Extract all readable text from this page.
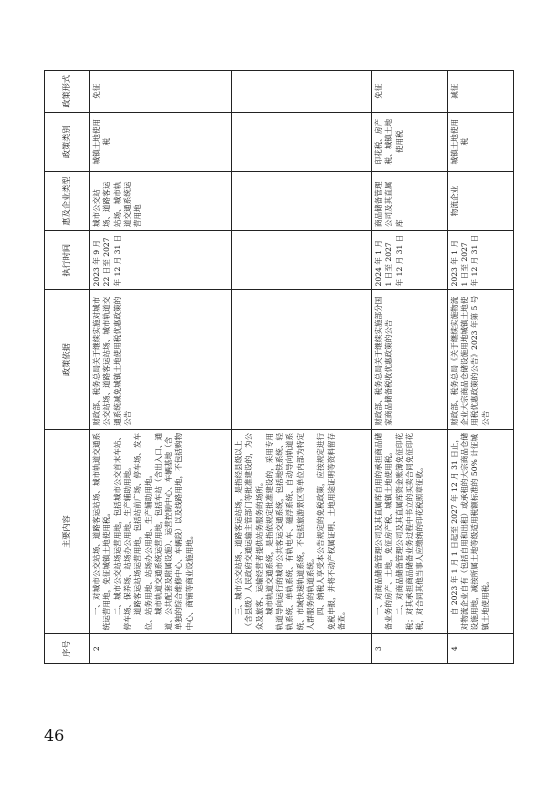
序号	主要内容	政策依据	执行时间	惠及企业类型	政策类别	政策形式
2	一、对城市公交站场、道路客运站场、城市轨道交通系统运营用地，免征城镇土地使用税。 二、城市公交站场运营用地，包括城市公交首末车站、停车场、保养场、站场办公用地、生产辅助用地。 道路客运站场运营用地，包括站前广场、停车场、发车位、站务用地、站场办公用地、生产辅助用地。 城市轨道交通系统运营用地，包括车站（含出入口、通道、公共配套及附属设施）、运营控制中心、车辆基地（含单独的综合维修中心、车辆段）以及线路用地，不包括购物中心、商铺等商业设施用地。	财政部、税务总局关于继续实施对城市公交站场、道路客运站场、城市轨道交通系统减免城镇土地使用税优惠政策的公告	2023 年 9 月 22 日至 2027 年 12 月 31 日	城市公交站场、道路客运站场、城市轨道交通系统运营用地	城镇土地使用税	免征

	三、城市公交站场、道路客运站场，是指经县级以上（含县级）人民政府交通运输主管部门等批准建设的，为公众及旅客、运输经营者提供站务服务的场所。 城市轨道交通系统，是指依规定批准建设的，采用专用轨道导向运行的城市公共客运交通系统，包括地铁系统、轻轨系统、单轨系统、有轨电车、磁浮系统、自动导向轨道系统、市域快速轨道系统，不包括旅游景区等单位内部为特定人群服务的轨道系统。 四、纳税人享受本公告规定的免税政策，应按规定进行免税申报，并将不动产权属证明、土地用途证明等资料留存备查。					

3	一、对商品储备管理公司及其直属库自用的承担商品储备业务的房产、土地，免征房产税、城镇土地使用税。 二、对商品储备管理公司及其直属库资金账簿免征印花税；对其承担商品储备业务过程中书立的买卖合同免征印花税，对合同其他当事人应缴纳的印花税照章征收。	财政部、税务总局关于继续实施部分国家商品储备税收优惠政策的公告	2024 年 1 月 1 日至 2027 年 12 月 31 日	商品储备管理公司及其直属库	印花税、房产税、城镇土地使用税	免征
4	自 2023 年 1 月 1 日起至 2027 年 12 月 31 日止，对物流企业自有（包括自用和出租）或承租的大宗商品仓储设施用地，减按所属土地等级适用税额标准的 50% 计征城镇土地使用税。	财政部、税务总局《关于继续实施物流企业大宗商品仓储设施用地城镇土地使用税优惠政策的公告》2023 年第 5 号公告	2023 年 1 月 1 日至 2027 年 12 月 31 日	物流企业	城镇土地使用税	减征
46
